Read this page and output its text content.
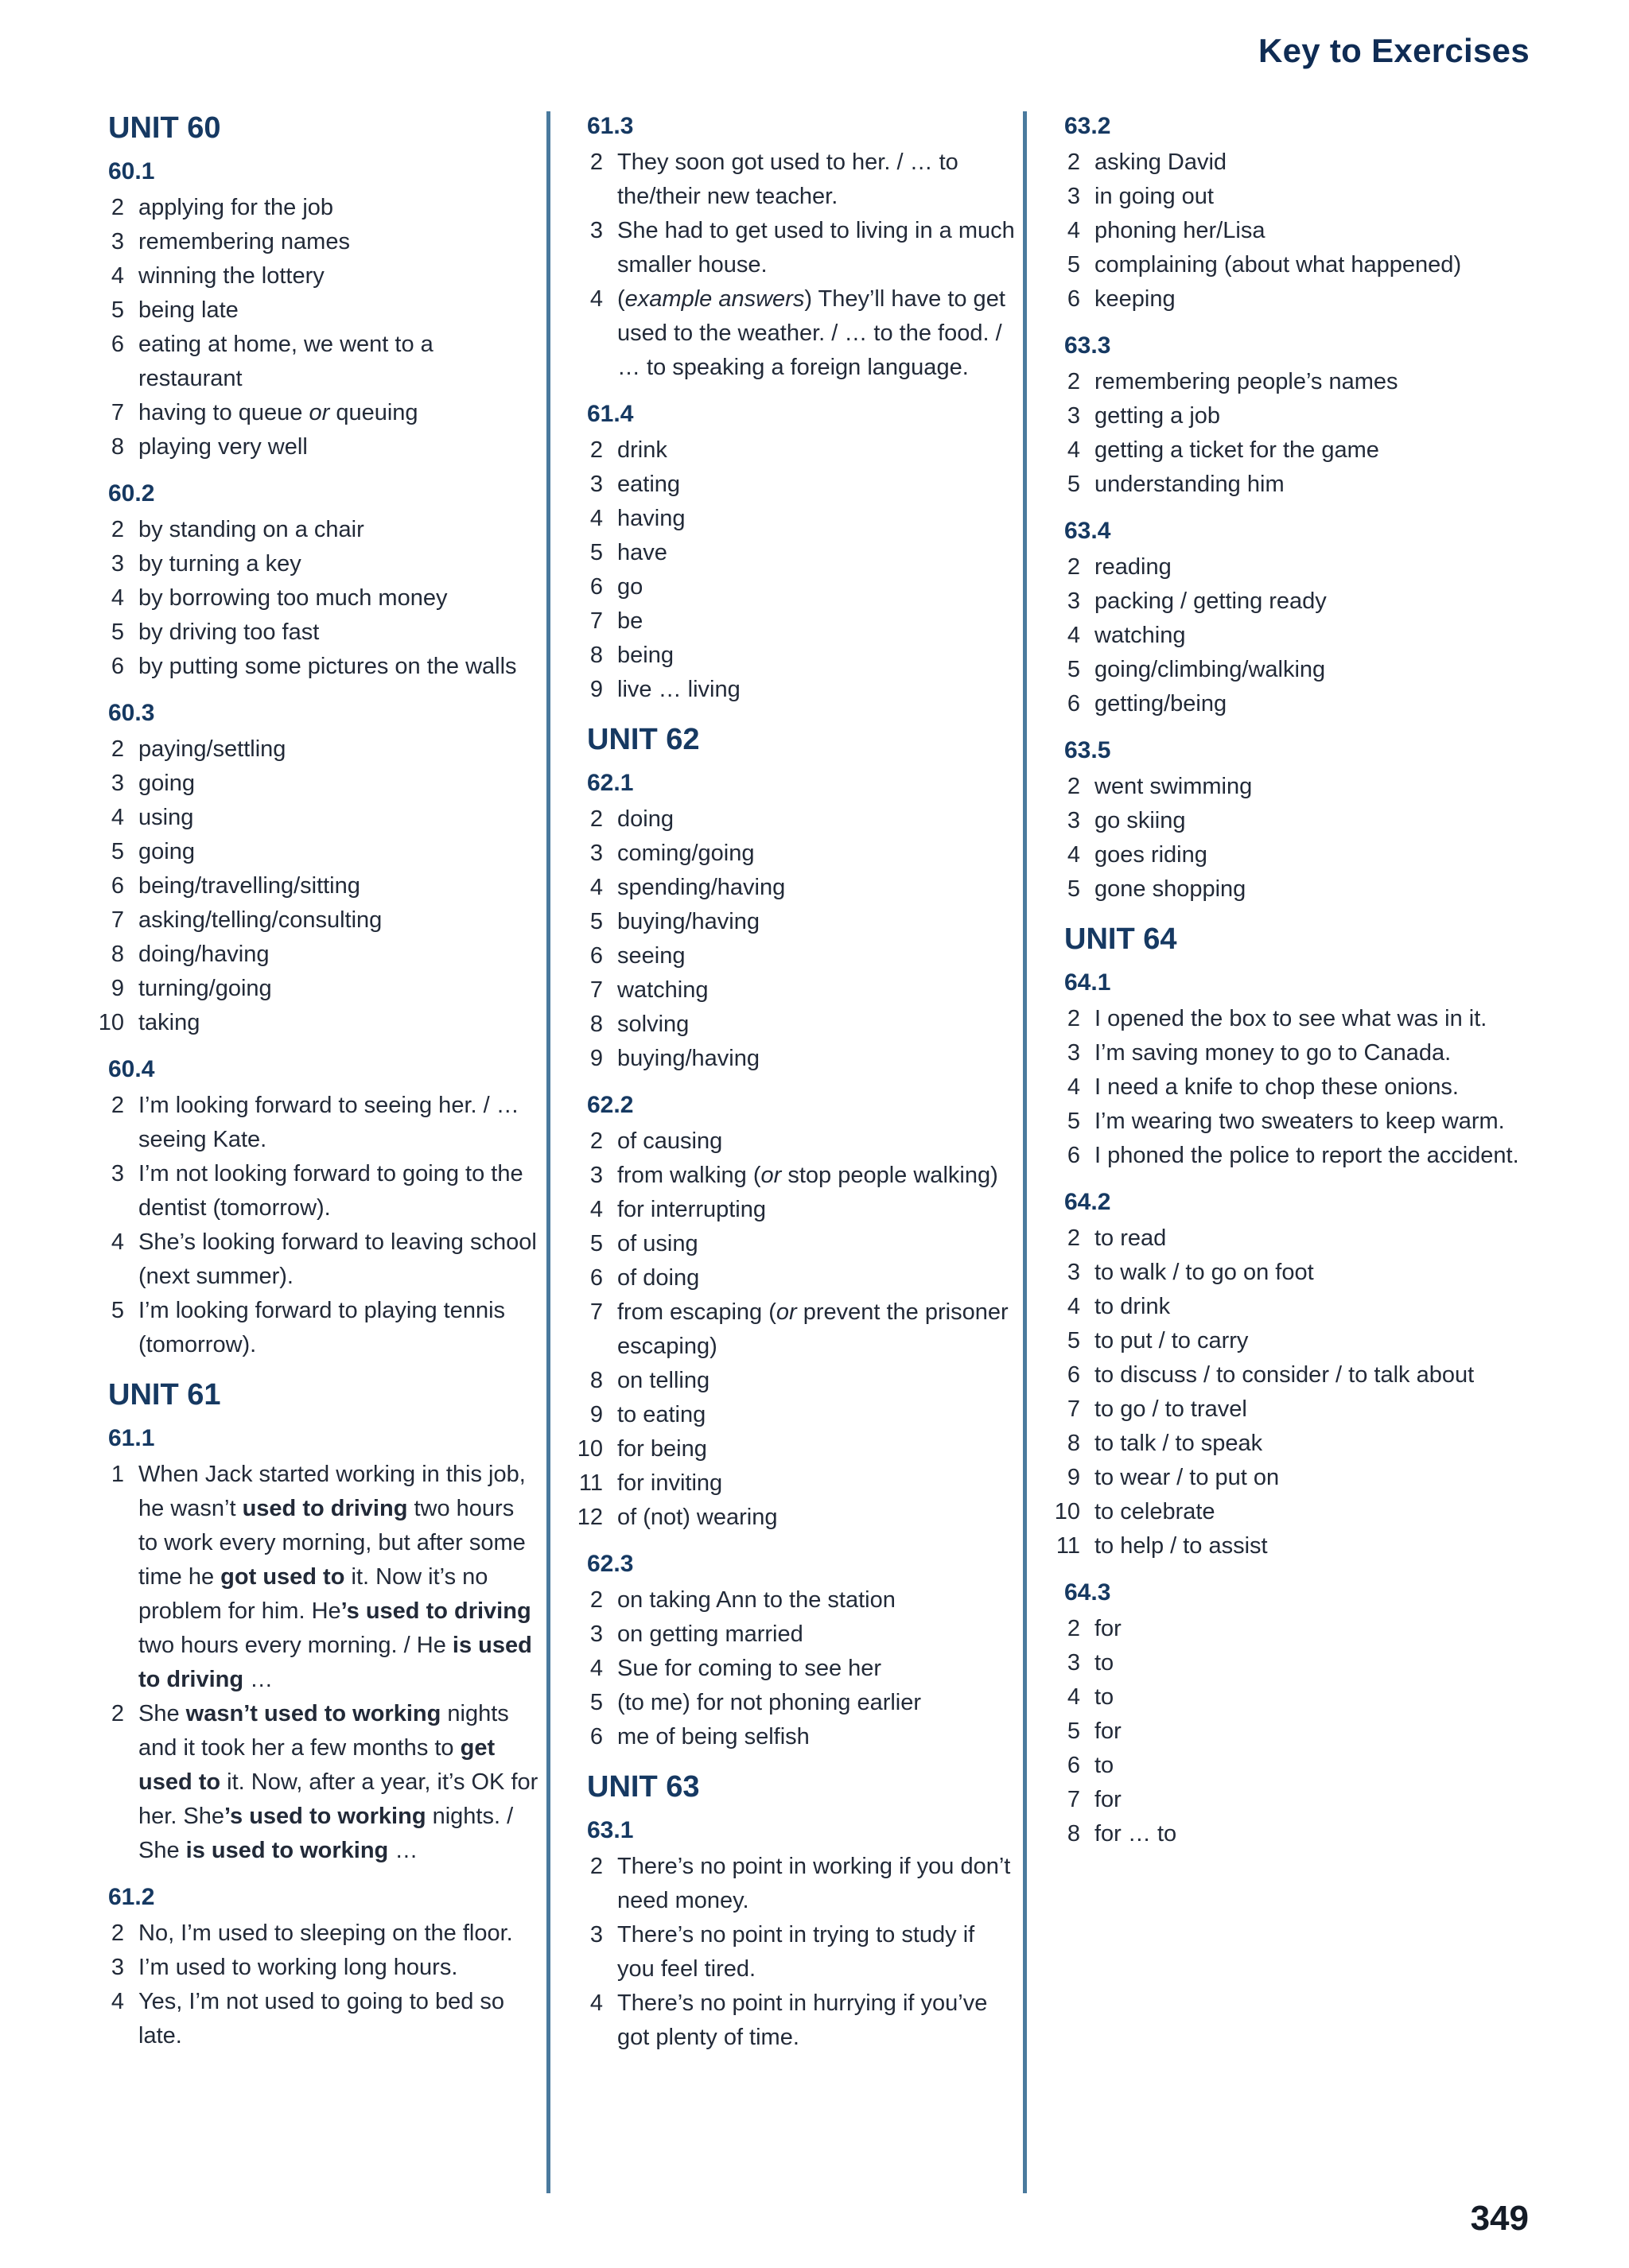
Key to Exercises
UNIT 60
60.1
2 applying for the job
3 remembering names
4 winning the lottery
5 being late
6 eating at home, we went to a restaurant
7 having to queue or queuing
8 playing very well
60.2
2 by standing on a chair
3 by turning a key
4 by borrowing too much money
5 by driving too fast
6 by putting some pictures on the walls
60.3
2 paying/settling
3 going
4 using
5 going
6 being/travelling/sitting
7 asking/telling/consulting
8 doing/having
9 turning/going
10 taking
60.4
2 I’m looking forward to seeing her. / … seeing Kate.
3 I’m not looking forward to going to the dentist (tomorrow).
4 She’s looking forward to leaving school (next summer).
5 I’m looking forward to playing tennis (tomorrow).
UNIT 61
61.1
1 When Jack started working in this job, he wasn’t used to driving two hours to work every morning, but after some time he got used to it. Now it’s no problem for him. He’s used to driving two hours every morning. / He is used to driving …
2 She wasn’t used to working nights and it took her a few months to get used to it. Now, after a year, it’s OK for her. She’s used to working nights. / She is used to working …
61.2
2 No, I’m used to sleeping on the floor.
3 I’m used to working long hours.
4 Yes, I’m not used to going to bed so late.
61.3
2 They soon got used to her. / … to the/their new teacher.
3 She had to get used to living in a much smaller house.
4 (example answers) They’ll have to get used to the weather. / … to the food. / … to speaking a foreign language.
61.4
2 drink
3 eating
4 having
5 have
6 go
7 be
8 being
9 live … living
UNIT 62
62.1
2 doing
3 coming/going
4 spending/having
5 buying/having
6 seeing
7 watching
8 solving
9 buying/having
62.2
2 of causing
3 from walking (or stop people walking)
4 for interrupting
5 of using
6 of doing
7 from escaping (or prevent the prisoner escaping)
8 on telling
9 to eating
10 for being
11 for inviting
12 of (not) wearing
62.3
2 on taking Ann to the station
3 on getting married
4 Sue for coming to see her
5 (to me) for not phoning earlier
6 me of being selfish
UNIT 63
63.1
2 There’s no point in working if you don’t need money.
3 There’s no point in trying to study if you feel tired.
4 There’s no point in hurrying if you’ve got plenty of time.
63.2
2 asking David
3 in going out
4 phoning her/Lisa
5 complaining (about what happened)
6 keeping
63.3
2 remembering people’s names
3 getting a job
4 getting a ticket for the game
5 understanding him
63.4
2 reading
3 packing / getting ready
4 watching
5 going/climbing/walking
6 getting/being
63.5
2 went swimming
3 go skiing
4 goes riding
5 gone shopping
UNIT 64
64.1
2 I opened the box to see what was in it.
3 I’m saving money to go to Canada.
4 I need a knife to chop these onions.
5 I’m wearing two sweaters to keep warm.
6 I phoned the police to report the accident.
64.2
2 to read
3 to walk / to go on foot
4 to drink
5 to put / to carry
6 to discuss / to consider / to talk about
7 to go / to travel
8 to talk / to speak
9 to wear / to put on
10 to celebrate
11 to help / to assist
64.3
2 for
3 to
4 to
5 for
6 to
7 for
8 for … to
349
